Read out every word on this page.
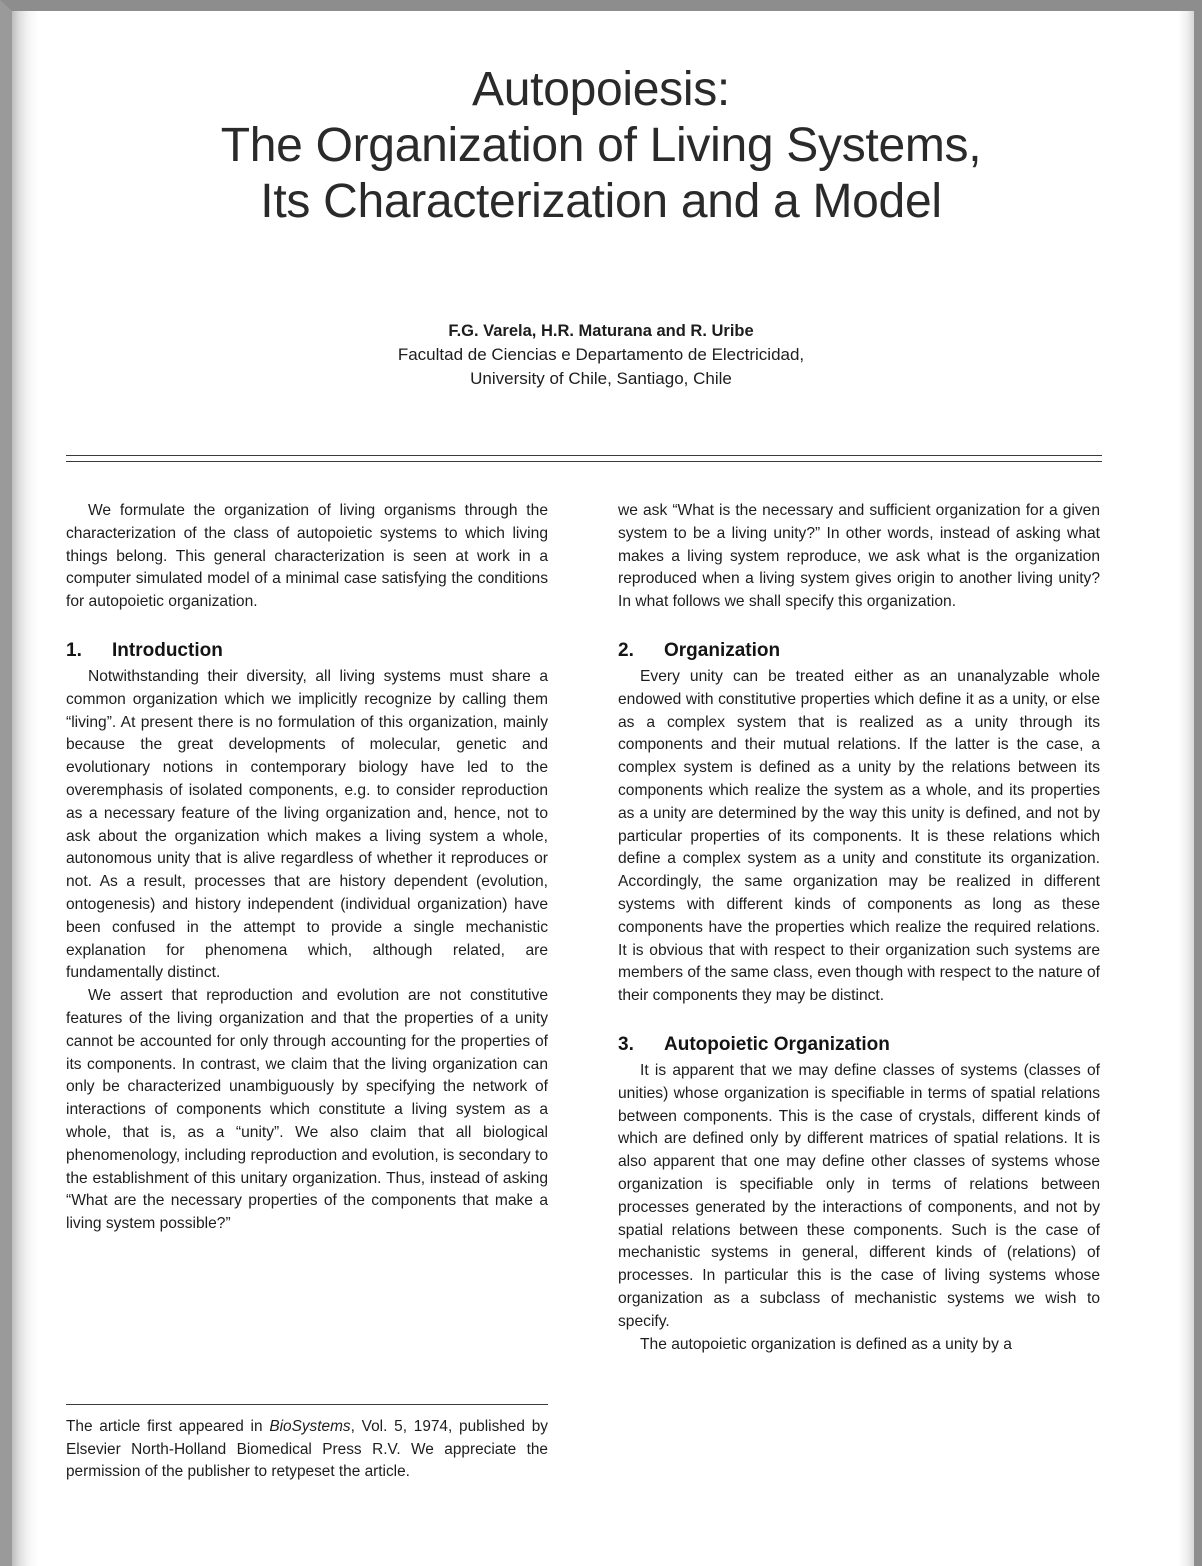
Autopoiesis:
The Organization of Living Systems,
Its Characterization and a Model
F.G. Varela, H.R. Maturana and R. Uribe
Facultad de Ciencias e Departamento de Electricidad,
University of Chile, Santiago, Chile

We formulate the organization of living organisms through the characterization of the class of autopoietic systems to which living things belong. This general characterization is seen at work in a computer simulated model of a minimal case satisfying the conditions for autopoietic organization.

1. Introduction

Notwithstanding their diversity, all living systems must share a common organization which we implicitly recognize by calling them “living”. At present there is no formulation of this organization, mainly because the great developments of molecular, genetic and evolutionary notions in contemporary biology have led to the overemphasis of isolated components, e.g. to consider reproduction as a necessary feature of the living organization and, hence, not to ask about the organization which makes a living system a whole, autonomous unity that is alive regardless of whether it reproduces or not. As a result, processes that are history dependent (evolution, ontogenesis) and history independent (individual organization) have been confused in the attempt to provide a single mechanistic explanation for phenomena which, although related, are fundamentally distinct.

We assert that reproduction and evolution are not constitutive features of the living organization and that the properties of a unity cannot be accounted for only through accounting for the properties of its components. In contrast, we claim that the living organization can only be characterized unambiguously by specifying the network of interactions of components which constitute a living system as a whole, that is, as a “unity”. We also claim that all biological phenomenology, including reproduction and evolution, is secondary to the establishment of this unitary organization. Thus, instead of asking “What are the necessary properties of the components that make a living system possible?”

we ask “What is the necessary and sufficient organization for a given system to be a living unity?” In other words, instead of asking what makes a living system reproduce, we ask what is the organization reproduced when a living system gives origin to another living unity? In what follows we shall specify this organization.

2. Organization

Every unity can be treated either as an unanalyzable whole endowed with constitutive properties which define it as a unity, or else as a complex system that is realized as a unity through its components and their mutual relations. If the latter is the case, a complex system is defined as a unity by the relations between its components which realize the system as a whole, and its properties as a unity are determined by the way this unity is defined, and not by particular properties of its components. It is these relations which define a complex system as a unity and constitute its organization. Accordingly, the same organization may be realized in different systems with different kinds of components as long as these components have the properties which realize the required relations. It is obvious that with respect to their organization such systems are members of the same class, even though with respect to the nature of their components they may be distinct.

3. Autopoietic Organization

It is apparent that we may define classes of systems (classes of unities) whose organization is specifiable in terms of spatial relations between components. This is the case of crystals, different kinds of which are defined only by different matrices of spatial relations. It is also apparent that one may define other classes of systems whose organization is specifiable only in terms of relations between processes generated by the interactions of components, and not by spatial relations between these components. Such is the case of mechanistic systems in general, different kinds of (relations) of processes. In particular this is the case of living systems whose organization as a subclass of mechanistic systems we wish to specify.

The autopoietic organization is defined as a unity by a

The article first appeared in BioSystems, Vol. 5, 1974, published by Elsevier North-Holland Biomedical Press R.V. We appreciate the permission of the publisher to retypeset the article.
